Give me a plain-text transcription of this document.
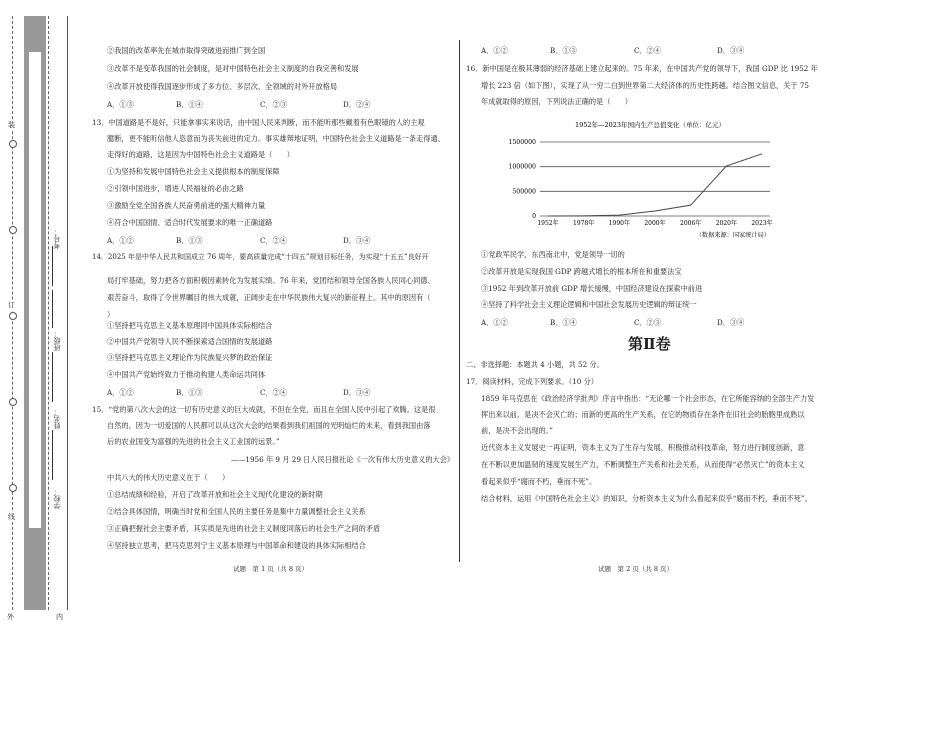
装
订
线
外	内
考号：
班级：
姓名：
学校：
②我国的改革率先在城市取得突破进而推广到全国
③改革不是变革我国的社会制度，是对中国特色社会主义制度的自我完善和发展
④改革开放使得我国逐步形成了多方位、多层次、全领域的对外开放格局
A．①③	B．①④	C．②③	D．②④
13．中国道路是不是好，只能拿事实来说话，由中国人民来判断，而不能听那些戴着有色眼镜的人的主观
臆断，更不能听信他人恣意而为丧失前进的定力。事实雄辩地证明，中国特色社会主义道路是一条走得通、
走得好的道路，这是因为中国特色社会主义道路是（　　）
①为坚持和发展中国特色社会主义提供根本的制度保障
②引领中国进步，增进人民福祉的必由之路
③激励全党全国各族人民奋勇前进的强大精神力量
④符合中国国情、适合时代发展要求的唯一正确道路
A．①②	B．①③	C．②④	D．③④
14．2025 年是中华人民共和国成立 76 周年，要高质量完成“十四五”规划目标任务，为实现“十五五”良好开
局打牢基础，努力把各方面积极因素转化为发展实绩。76 年来，党团结和领导全国各族人民同心同德、
艰苦奋斗，取得了令世界瞩目的伟大成就，正阔步走在中华民族伟大复兴的新征程上。其中的原因有（
）
①坚持把马克思主义基本原理同中国具体实际相结合
②中国共产党领导人民不断探索适合国情的发展道路
③坚持把马克思主义理论作为民族复兴梦的政治保证
④中国共产党始终致力于推动构建人类命运共同体
A．①②	B．①③	C．②④	D．③④
15．“党的第八次大会的这一切有历史意义的巨大成就，不但在全党，而且在全国人民中引起了欢腾。这是很
自然的，因为一切爱国的人民都可以从这次大会的结果看到我们祖国的光明灿烂的未来，看到我国由落
后的农业国变为富强的先进的社会主义工业国的远景。”
——1956 年 9 月 29 日人民日报社论《一次有伟大历史意义的大会》
中共八大的伟大历史意义在于（　　）
①总结成绩和经验，开启了改革开放和社会主义现代化建设的新时期
②结合具体国情，明确当时党和全国人民的主要任务是集中力量调整社会主义关系
③正确把握社会主要矛盾，其实质是先进的社会主义制度同落后的社会生产之间的矛盾
④坚持独立思考，把马克思列宁主义基本原理与中国革命和建设的具体实际相结合
试题　第 1 页（共 8 页）
A．①②	B．①③	C．②④	D．③④
16．新中国是在极其薄弱的经济基础上建立起来的。75 年来，在中国共产党的领导下，我国 GDP 比 1952 年
增长 223 倍（如下图），实现了从一穷二白到世界第二大经济体的历史性跨越。结合图文信息，关于 75
年成就取得的原因，下列说法正确的是（　　）
1952年—2023年国内生产总值变化（单位：亿元）
0
500000
1000000
1500000
1952年 1978年 1990年 2000年 2006年 2020年 2023年
（数据来源：国家统计局）
①党政军民学，东西南北中，党是领导一切的
②改革开放是实现我国 GDP 跨越式增长的根本所在和重要法宝
③1952 年到改革开放前 GDP 增长缓慢，中国经济建设在探索中前进
④坚持了科学社会主义理论逻辑和中国社会发展历史逻辑的辩证统一
A．①②	B．①④	C．②③	D．③④
第Ⅱ卷
二、非选择题：本题共 4 小题，共 52 分。
17．阅读材料，完成下列要求。（10 分）
1859 年马克思在《政治经济学批判》序言中指出：“无论哪一个社会形态，在它所能容纳的全部生产力发
挥出来以前，是决不会灭亡的；而新的更高的生产关系，在它的物质存在条件在旧社会的胎胞里成熟以
前，是决不会出现的。”
近代资本主义发展史一再证明，资本主义为了生存与发展，积极推动科技革命，努力进行制度创新，意
在不断以更加温韧的速度发展生产力，不断调整生产关系和社会关系，从而使得“必然灭亡”的资本主义
看起来似乎“腐而不朽，垂而不死”。
结合材料，运用《中国特色社会主义》的知识，分析资本主义为什么看起来似乎“腐而不朽，垂而不死”。
试题　第 2 页（共 8 页）
